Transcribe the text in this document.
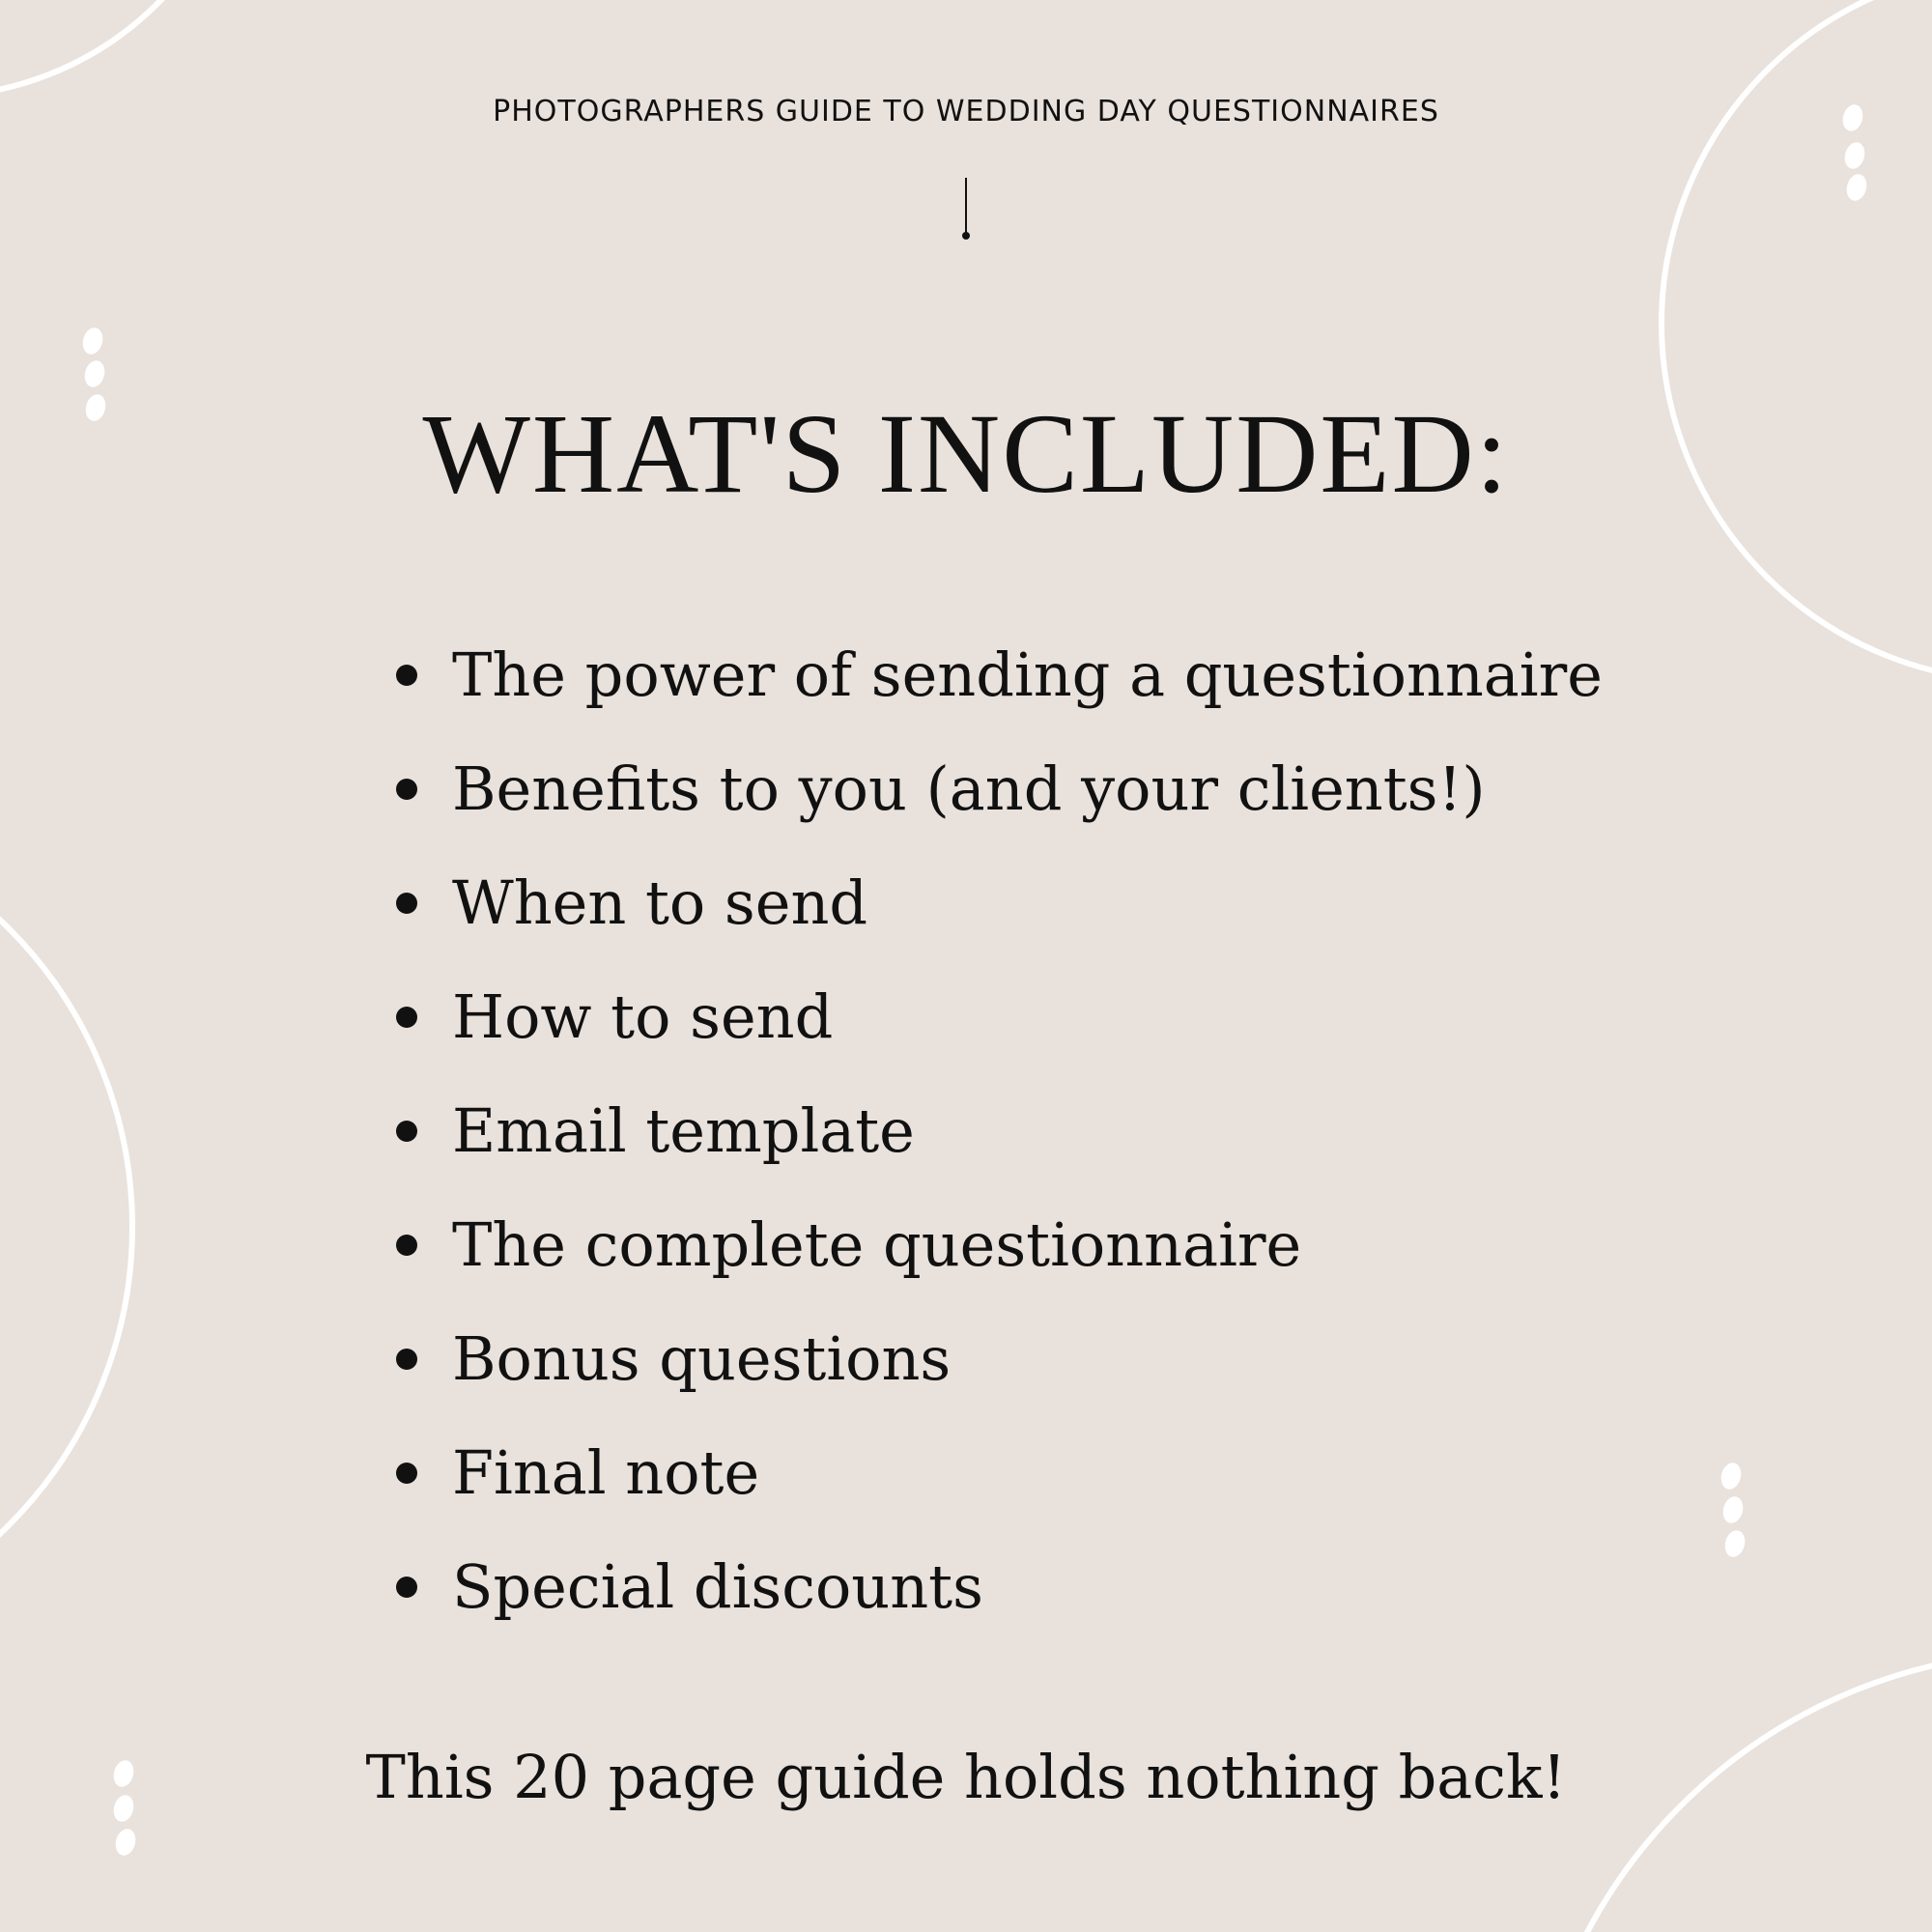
PHOTOGRAPHERS GUIDE TO WEDDING DAY QUESTIONNAIRES
WHAT'S INCLUDED:
The power of sending a questionnaire
Benefits to you (and your clients!)
When to send
How to send
Email template
The complete questionnaire
Bonus questions
Final note
Special discounts
This 20 page guide holds nothing back!
